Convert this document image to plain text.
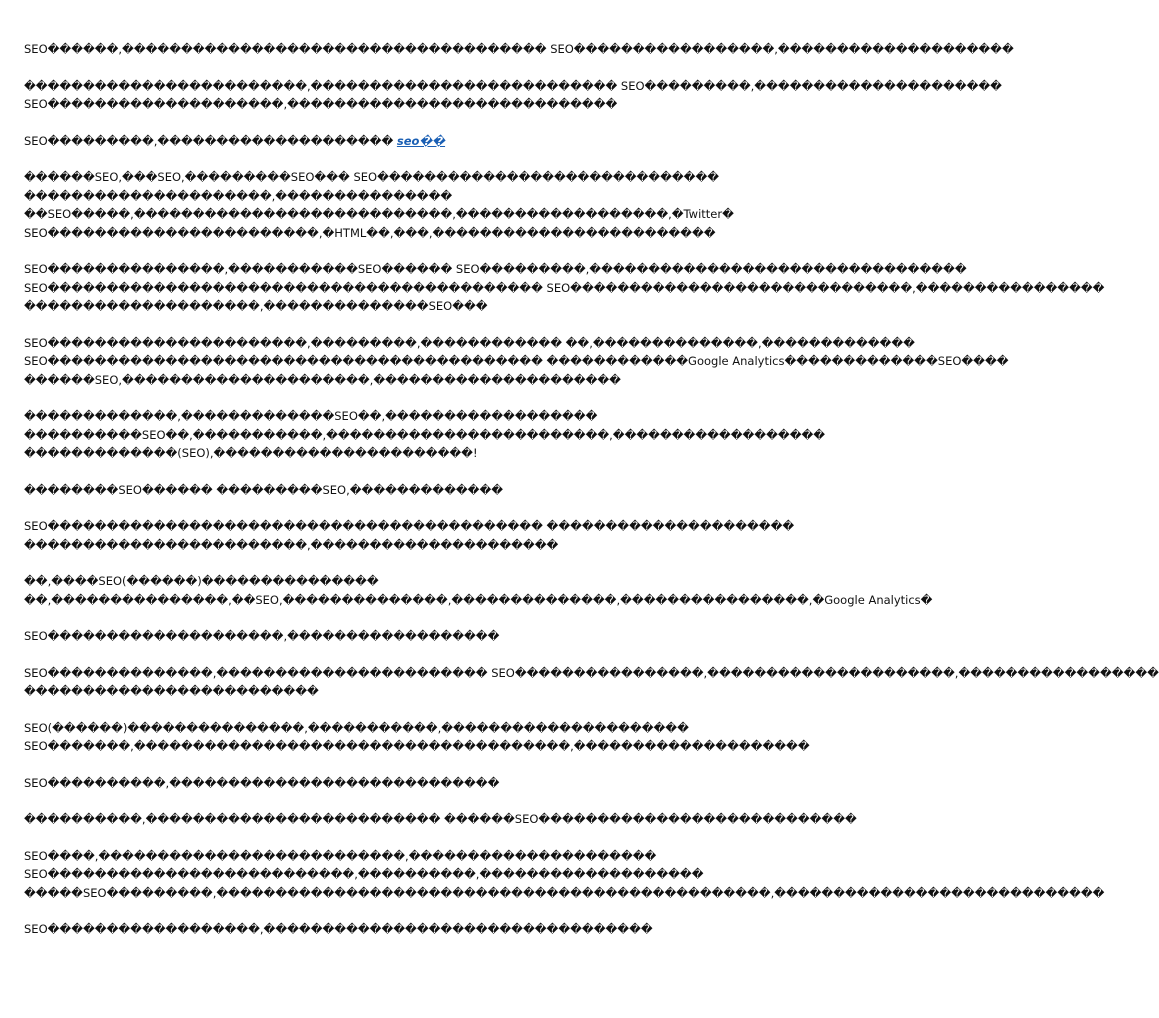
SEO������,������������������������������������ SEO�����������������,��������������������
������������������������,�������������������������� SEO���������,���������������������
SEO��������������������,����������������������������
SEO���������,�������������������� seo��
������SEO,���SEO,���������SEO��� SEO�����������������������������
���������������������,���������������
��SEO�����,���������������������������,������������������,�Twitter�
SEO�����������������������,�HTML��,���,������������������������
SEO���������������,�����������SEO������ SEO���������,��������������������������������
SEO������������������������������������������ SEO�����������������������������,����������������
��������������������,��������������SEO���
SEO����������������������,���������,������������ ��,��������������,�������������
SEO������������������������������������������ ������������Google Analytics�������������SEO����
������SEO,���������������������,���������������������
�������������,�������������SEO��,������������������
����������SEO��,�����������,������������������������,������������������
�������������(SEO),����������������������!
��������SEO������ ���������SEO,�������������
SEO������������������������������������������ ���������������������
������������������������,���������������������
��,����SEO(������)���������������
��,���������������,��SEO,��������������,��������������,����������������,�Google Analytics�
SEO��������������������,������������������
SEO��������������,����������������������� SEO����������������,���������������������,�����������������
�������������������������
SEO(������)���������������,�����������,���������������������
SEO�������,�������������������������������������,��������������������
SEO����������,����������������������������
����������,������������������������� ������SEO���������������������������
SEO����,��������������������������,���������������������
SEO��������������������������,����������,�������������������
�����SEO���������,�����������������������������������������������,����������������������������
SEO������������������,���������������������������������
